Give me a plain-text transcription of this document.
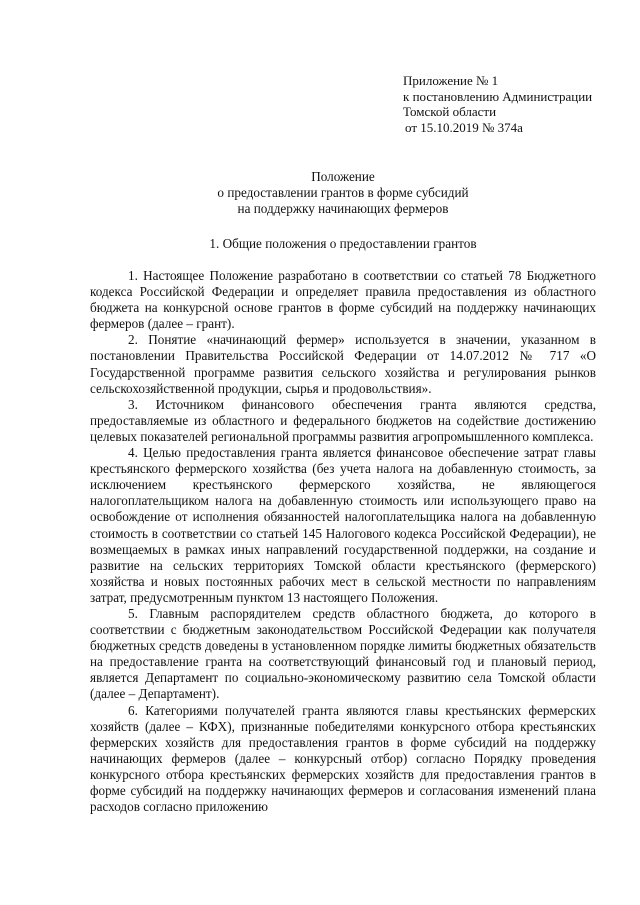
Приложение № 1
к постановлению Администрации
Томской области
от 15.10.2019 № 374а
Положение
о предоставлении грантов в форме субсидий
на поддержку начинающих фермеров
1. Общие положения о предоставлении грантов

1. Настоящее Положение разработано в соответствии со статьей 78 Бюджетного кодекса Российской Федерации и определяет правила предоставления из областного бюджета на конкурсной основе грантов в форме субсидий на поддержку начинающих фермеров (далее – грант).

2. Понятие «начинающий фермер» используется в значении, указанном в постановлении Правительства Российской Федерации от 14.07.2012 № 717 «О Государственной программе развития сельского хозяйства и регулирования рынков сельскохозяйственной продукции, сырья и продовольствия».

3. Источником финансового обеспечения гранта являются средства, предоставляемые из областного и федерального бюджетов на содействие достижению целевых показателей региональной программы развития агропромышленного комплекса.

4. Целью предоставления гранта является финансовое обеспечение затрат главы крестьянского фермерского хозяйства (без учета налога на добавленную стоимость, за исключением крестьянского фермерского хозяйства, не являющегося налогоплательщиком налога на добавленную стоимость или использующего право на освобождение от исполнения обязанностей налогоплательщика налога на добавленную стоимость в соответствии со статьей 145 Налогового кодекса Российской Федерации), не возмещаемых в рамках иных направлений государственной поддержки, на создание и развитие на сельских территориях Томской области крестьянского (фермерского) хозяйства и новых постоянных рабочих мест в сельской местности по направлениям затрат, предусмотренным пунктом 13 настоящего Положения.

5. Главным распорядителем средств областного бюджета, до которого в соответствии с бюджетным законодательством Российской Федерации как получателя бюджетных средств доведены в установленном порядке лимиты бюджетных обязательств на предоставление гранта на соответствующий финансовый год и плановый период, является Департамент по социально-экономическому развитию села Томской области (далее – Департамент).

6. Категориями получателей гранта являются главы крестьянских фермерских хозяйств (далее – КФХ), признанные победителями конкурсного отбора крестьянских фермерских хозяйств для предоставления грантов в форме субсидий на поддержку начинающих фермеров (далее – конкурсный отбор) согласно Порядку проведения конкурсного отбора крестьянских фермерских хозяйств для предоставления грантов в форме субсидий на поддержку начинающих фермеров и согласования изменений плана расходов согласно приложению
